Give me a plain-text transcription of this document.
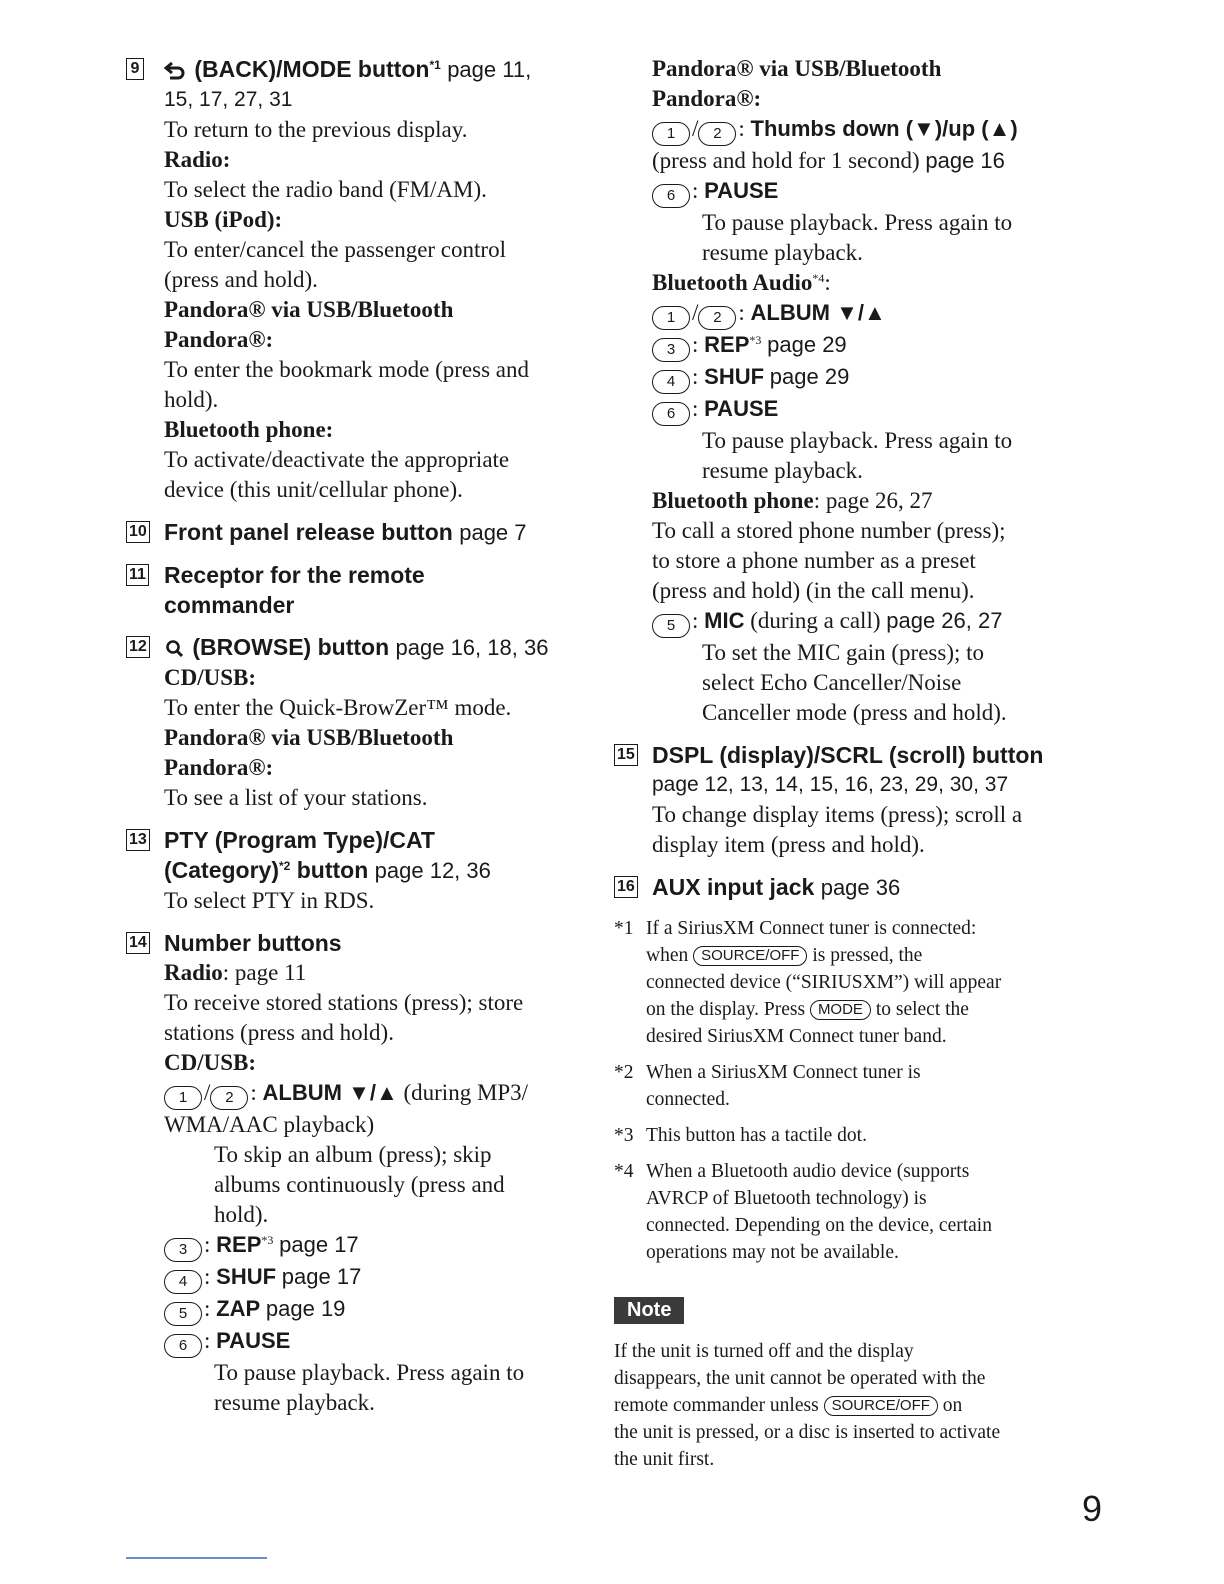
9	(BACK)/MODE button$^{*1}$ page 11,
15, 17, 27, 31
To return to the previous display.
Radio:
To select the radio band (FM/AM).
USB (iPod):
To enter/cancel the passenger control
(press and hold).
Pandora® via USB/Bluetooth
Pandora®:
To enter the bookmark mode (press and
hold).
Bluetooth phone:
To activate/deactivate the appropriate
device (this unit/cellular phone).
10 Front panel release button page 7
11 Receptor for the remote
commander
12	(BROWSE) button page 16, 18, 36
CD/USB:
To enter the Quick-BrowZer™ mode.
Pandora® via USB/Bluetooth
Pandora®:
To see a list of your stations.
13 PTY (Program Type)/CAT
(Category)$^{*2}$ button page 12, 36
To select PTY in RDS.
14 Number buttons
Radio: page 11
To receive stored stations (press); store
stations (press and hold).
CD/USB:
1 / 2 : ALBUM ▼/▲ (during MP3/
WMA/AAC playback)
To skip an album (press); skip
albums continuously (press and
hold).
3 : REP$^{*3}$ page 17
4 : SHUF page 17
5 : ZAP page 19
6 : PAUSE
To pause playback. Press again to
resume playback.
Pandora® via USB/Bluetooth
Pandora®:
1 / 2 : Thumbs down (▼)/up (▲)
(press and hold for 1 second) page 16
6 : PAUSE
To pause playback. Press again to
resume playback.
Bluetooth Audio$^{*4}$:
1 / 2 : ALBUM ▼/▲
3 : REP$^{*3}$ page 29
4 : SHUF page 29
6 : PAUSE
To pause playback. Press again to
resume playback.
Bluetooth phone: page 26, 27
To call a stored phone number (press);
to store a phone number as a preset
(press and hold) (in the call menu).
5 : MIC (during a call) page 26, 27
To set the MIC gain (press); to
select Echo Canceller/Noise
Canceller mode (press and hold).
15 DSPL (display)/SCRL (scroll) button
page 12, 13, 14, 15, 16, 23, 29, 30, 37
To change display items (press); scroll a
display item (press and hold).
16 AUX input jack page 36
*1 If a SiriusXM Connect tuner is connected:
when SOURCE/OFF is pressed, the
connected device (“SIRIUSXM”) will appear
on the display. Press MODE to select the
desired SiriusXM Connect tuner band.
*2 When a SiriusXM Connect tuner is
connected.
*3 This button has a tactile dot.
*4 When a Bluetooth audio device (supports
AVRCP of Bluetooth technology) is
connected. Depending on the device, certain
operations may not be available.
Note
If the unit is turned off and the display
disappears, the unit cannot be operated with the
remote commander unless SOURCE/OFF on
the unit is pressed, or a disc is inserted to activate
the unit first.
9
